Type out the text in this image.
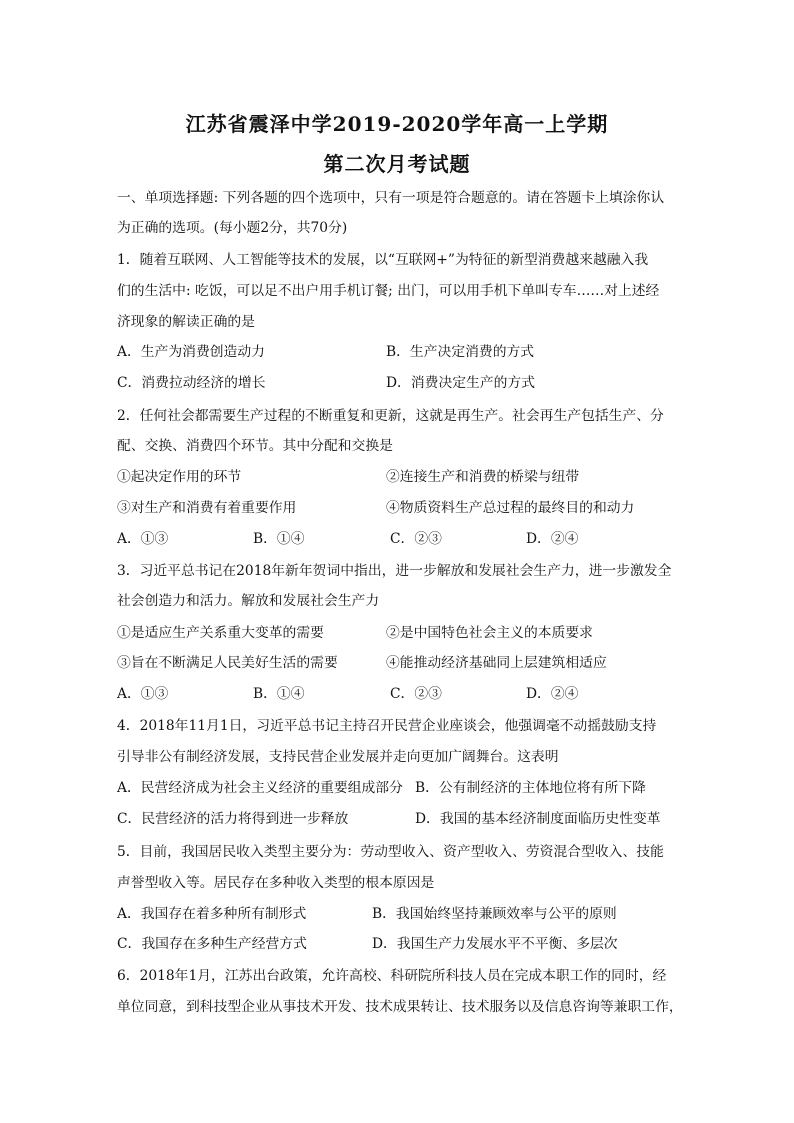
江苏省震泽中学2019-2020学年高一上学期
第二次月考试题
一、单项选择题: 下列各题的四个选项中，只有一项是符合题意的。请在答题卡上填涂你认
为正确的选项。(每小题2分，共70分)
1．随着互联网、人工智能等技术的发展，以“互联网+”为特征的新型消费越来越融入我
们的生活中: 吃饭，可以足不出户用手机订餐; 出门，可以用手机下单叫专车……对上述经
济现象的解读正确的是
A．生产为消费创造动力	B．生产决定消费的方式
C．消费拉动经济的增长	D．消费决定生产的方式
2．任何社会都需要生产过程的不断重复和更新，这就是再生产。社会再生产包括生产、分
配、交换、消费四个环节。其中分配和交换是
①起决定作用的环节	②连接生产和消费的桥梁与纽带
③对生产和消费有着重要作用	④物质资料生产总过程的最终目的和动力
A．①③	B．①④	C．②③	D．②④
3．习近平总书记在2018年新年贺词中指出，进一步解放和发展社会生产力，进一步激发全
社会创造力和活力。解放和发展社会生产力
①是适应生产关系重大变革的需要	②是中国特色社会主义的本质要求
③旨在不断满足人民美好生活的需要	④能推动经济基础同上层建筑相适应
A．①③	B．①④	C．②③	D．②④
4．2018年11月1日，习近平总书记主持召开民营企业座谈会，他强调毫不动摇鼓励支持
引导非公有制经济发展，支持民营企业发展并走向更加广阔舞台。这表明
A．民营经济成为社会主义经济的重要组成部分 B．公有制经济的主体地位将有所下降
C．民营经济的活力将得到进一步释放	D．我国的基本经济制度面临历史性变革
5．目前，我国居民收入类型主要分为：劳动型收入、资产型收入、劳资混合型收入、技能
声誉型收入等。居民存在多种收入类型的根本原因是
A．我国存在着多种所有制形式	B．我国始终坚持兼顾效率与公平的原则
C．我国存在多种生产经营方式	D．我国生产力发展水平不平衡、多层次
6．2018年1月，江苏出台政策，允许高校、科研院所科技人员在完成本职工作的同时，经
单位同意，到科技型企业从事技术开发、技术成果转让、技术服务以及信息咨询等兼职工作，
